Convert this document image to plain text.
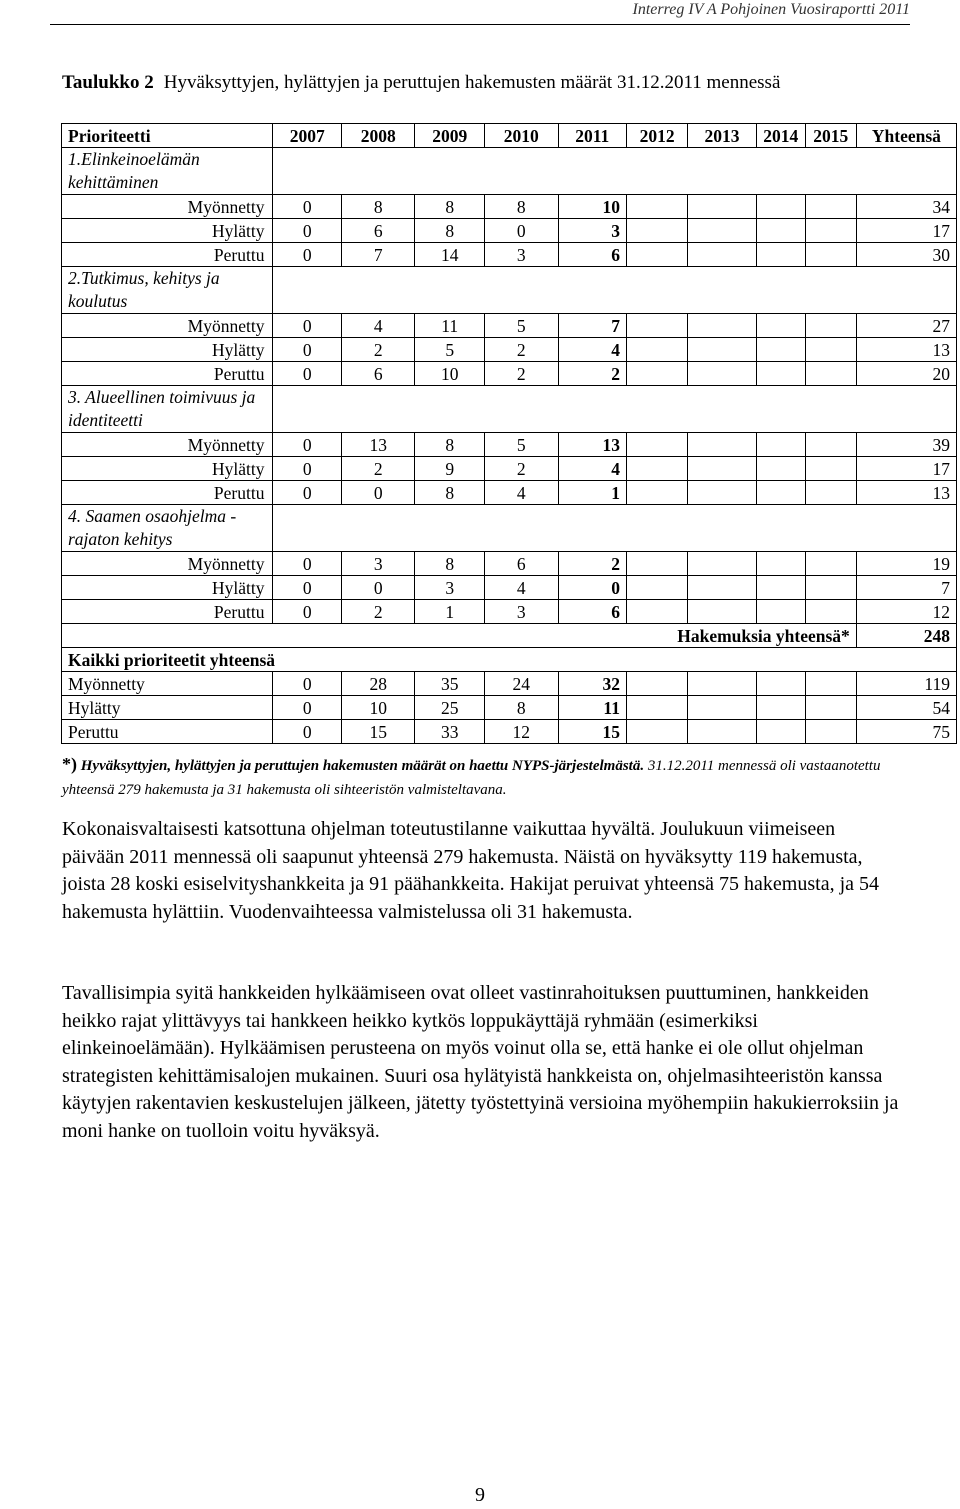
Interreg IV A Pohjoinen Vuosiraportti 2011
Taulukko 2 Hyväksyttyjen, hylättyjen ja peruttujen hakemusten määrät 31.12.2011 mennessä
Prioriteetti	2007	2008	2009	2010	2011	2012	2013	2014	2015	Yhteensä
1.Elinkeinoelämän kehittäminen										
Myönnetty	0	8	8	8	10					34
Hylätty	0	6	8	0	3					17
Peruttu	0	7	14	3	6					30
2.Tutkimus, kehitys ja koulutus										
Myönnetty	0	4	11	5	7					27
Hylätty	0	2	5	2	4					13
Peruttu	0	6	10	2	2					20
3. Alueellinen toimivuus ja identiteetti										
Myönnetty	0	13	8	5	13					39
Hylätty	0	2	9	2	4					17
Peruttu	0	0	8	4	1					13
4. Saamen osaohjelma - rajaton kehitys										
Myönnetty	0	3	8	6	2					19
Hylätty	0	0	3	4	0					7
Peruttu	0	2	1	3	6					12
Hakemuksia yhteensä*										248
Kaikki prioriteetit yhteensä										
Myönnetty	0	28	35	24	32					119
Hylätty	0	10	25	8	11					54
Peruttu	0	15	33	12	15					75
*) Hyväksyttyjen, hylättyjen ja peruttujen hakemusten määrät on haettu NYPS-järjestelmästä. 31.12.2011 mennessä oli vastaanotettu yhteensä 279 hakemusta ja 31 hakemusta oli sihteeristön valmisteltavana.

Kokonaisvaltaisesti katsottuna ohjelman toteutustilanne vaikuttaa hyvältä. Joulukuun viimeiseen päivään 2011 mennessä oli saapunut yhteensä 279 hakemusta. Näistä on hyväksytty 119 hakemusta, joista 28 koski esiselvityshankkeita ja 91 päähankkeita. Hakijat peruivat yhteensä 75 hakemusta, ja 54 hakemusta hylättiin. Vuodenvaihteessa valmistelussa oli 31 hakemusta.

Tavallisimpia syitä hankkeiden hylkäämiseen ovat olleet vastinrahoituksen puuttuminen, hankkeiden heikko rajat ylittävyys tai hankkeen heikko kytkös loppukäyttäjä ryhmään (esimerkiksi elinkeinoelämään). Hylkäämisen perusteena on myös voinut olla se, että hanke ei ole ollut ohjelman strategisten kehittämisalojen mukainen. Suuri osa hylätyistä hankkeista on, ohjelmasihteeristön kanssa käytyjen rakentavien keskustelujen jälkeen, jätetty työstettyinä versioina myöhempiin hakukierroksiin ja moni hanke on tuolloin voitu hyväksyä.

9
